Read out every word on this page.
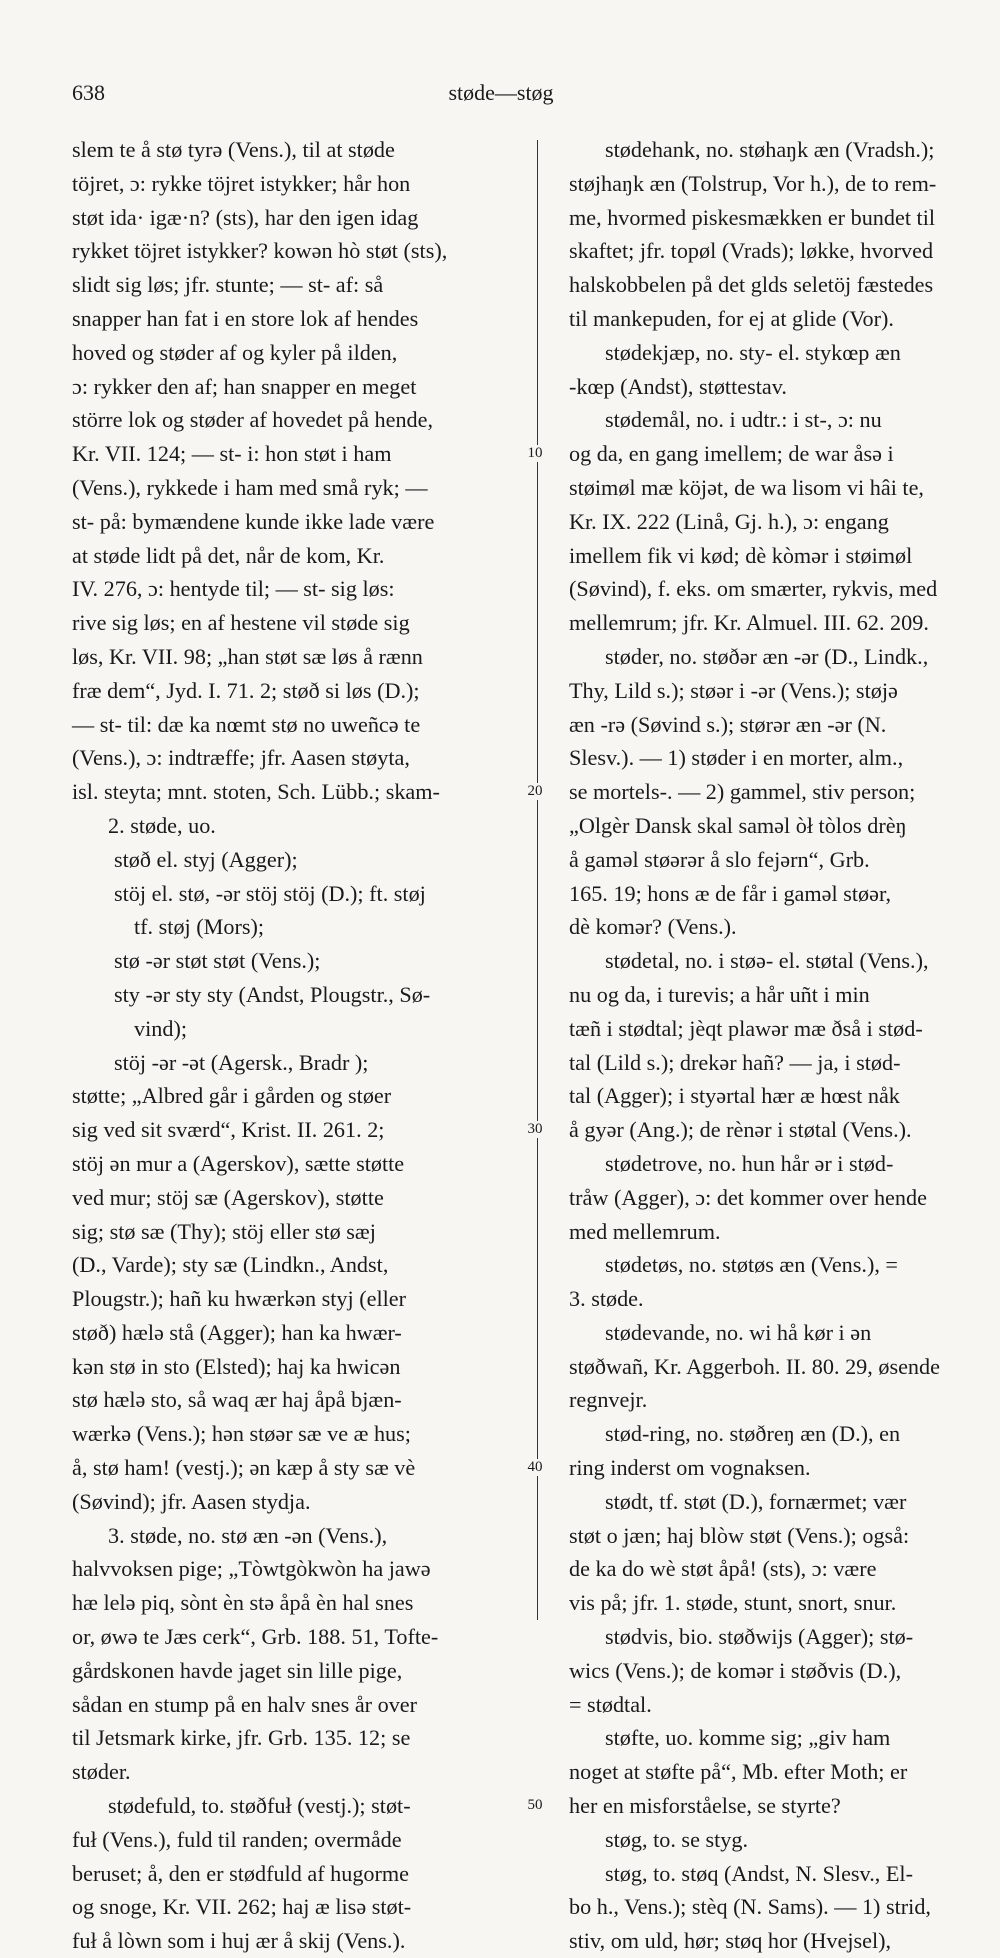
638	støde—støg
slem te å stø tyrə (Vens.), til at støde
töjret, ɔ: rykke töjret istykker; hår hon
støt ida· igæ·n? (sts), har den igen idag
rykket töjret istykker? kowən hò støt (sts),
slidt sig løs; jfr. stunte; — st- af: så
snapper han fat i en store lok af hendes
hoved og støder af og kyler på ilden,
ɔ: rykker den af; han snapper en meget
större lok og støder af hovedet på hende,
Kr. VII. 124; — st- i: hon støt i ham
(Vens.), rykkede i ham med små ryk; —
st- på: bymændene kunde ikke lade være
at støde lidt på det, når de kom, Kr.
IV. 276, ɔ: hentyde til; — st- sig løs:
rive sig løs; en af hestene vil støde sig
løs, Kr. VII. 98; „han støt sæ løs å rænn
fræ dem“, Jyd. I. 71. 2; støð si løs (D.);
— st- til: dæ ka nœmt stø no uweñcə te
(Vens.), ɔ: indtræffe; jfr. Aasen støyta,
isl. steyta; mnt. stoten, Sch. Lübb.; skam-
2. støde, uo.
støð el. styj (Agger);
stöj el. stø, -ər stöj stöj (D.); ft. støj
tf. støj (Mors);
stø -ər støt støt (Vens.);
sty -ər sty sty (Andst, Plougstr., Sø-
vind);
stöj -ər -ət (Agersk., Bradr );
støtte; „Albred går i gården og støer
sig ved sit sværd“, Krist. II. 261. 2;
stöj ən mur a (Agerskov), sætte støtte
ved mur; stöj sæ (Agerskov), støtte
sig; stø sæ (Thy); stöj eller stø sæj
(D., Varde); sty sæ (Lindkn., Andst,
Plougstr.); hañ ku hwærkən styj (eller
støð) hælə stå (Agger); han ka hwær-
kən stø in sto (Elsted); haj ka hwicən
stø hælə sto, så waq ær haj åpå bjæn-
wærkə (Vens.); hən støər sæ ve æ hus;
å, stø ham! (vestj.); ən kæp å sty sæ vè
(Søvind); jfr. Aasen stydja.
3. støde, no. stø æn -ən (Vens.),
halvvoksen pige; „Tòwtgòkwòn ha jawə
hæ lelə piq, sònt èn stə åpå èn hal snes
or, øwə te Jæs cerk“, Grb. 188. 51, Tofte-
gårdskonen havde jaget sin lille pige,
sådan en stump på en halv snes år over
til Jetsmark kirke, jfr. Grb. 135. 12; se
støder.
stødefuld, to. støðfuł (vestj.); støt-
fuł (Vens.), fuld til randen; overmåde
beruset; å, den er stødfuld af hugorme
og snoge, Kr. VII. 262; haj æ lisə støt-
fuł å lòwn som i huj ær å skij (Vens.).
stødehank, no. støhaŋk æn (Vradsh.);
støjhaŋk æn (Tolstrup, Vor h.), de to rem-
me, hvormed piskesmækken er bundet til
skaftet; jfr. topøl (Vrads); løkke, hvorved
halskobbelen på det glds seletöj fæstedes
til mankepuden, for ej at glide (Vor).
stødekjæp, no. sty- el. stykœp æn
-kœp (Andst), støttestav.
stødemål, no. i udtr.: i st-, ɔ: nu
og da, en gang imellem; de war åsə i
støimøl mæ köjət, de wa lisom vi hâi te,
Kr. IX. 222 (Linå, Gj. h.), ɔ: engang
imellem fik vi kød; dè kòmər i støimøl
(Søvind), f. eks. om smærter, rykvis, med
mellemrum; jfr. Kr. Almuel. III. 62. 209.
støder, no. støðər æn -ər (D., Lindk.,
Thy, Lild s.); støər i -ər (Vens.); støjə
æn -rə (Søvind s.); størər æn -ər (N.
Slesv.). — 1) støder i en morter, alm.,
se mortels-. — 2) gammel, stiv person;
„Olgèr Dansk skal saməl òł tòlos drèŋ
å gaməl støərər å slo fejərn“, Grb.
165. 19; hons æ de får i gaməl støər,
dè komər? (Vens.).
stødetal, no. i støə- el. støtal (Vens.),
nu og da, i turevis; a hår uñt i min
tæñ i stødtal; jèqt plawər mæ ðså i stød-
tal (Lild s.); drekər hañ? — ja, i stød-
tal (Agger); i styərtal hær æ hœst nåk
å gyər (Ang.); de rènər i støtal (Vens.).
stødetrove, no. hun hår ər i stød-
tråw (Agger), ɔ: det kommer over hende
med mellemrum.
stødetøs, no. støtøs æn (Vens.), =
3. støde.
stødevande, no. wi hå kør i ən
støðwañ, Kr. Aggerboh. II. 80. 29, øsende
regnvejr.
stød-ring, no. støðreŋ æn (D.), en
ring inderst om vognaksen.
stødt, tf. støt (D.), fornærmet; vær
støt o jæn; haj blòw støt (Vens.); også:
de ka do wè støt åpå! (sts), ɔ: være
vis på; jfr. 1. støde, stunt, snort, snur.
stødvis, bio. støðwijs (Agger); stø-
wics (Vens.); de komər i støðvis (D.),
= stødtal.
støfte, uo. komme sig; „giv ham
noget at støfte på“, Mb. efter Moth; er
her en misforståelse, se styrte?
støg, to. se styg.
støg, to. støq (Andst, N. Slesv., El-
bo h., Vens.); stèq (N. Sams). — 1) strid,
stiv, om uld, hør; støq hor (Hvejsel),
10
20
30
40
50
